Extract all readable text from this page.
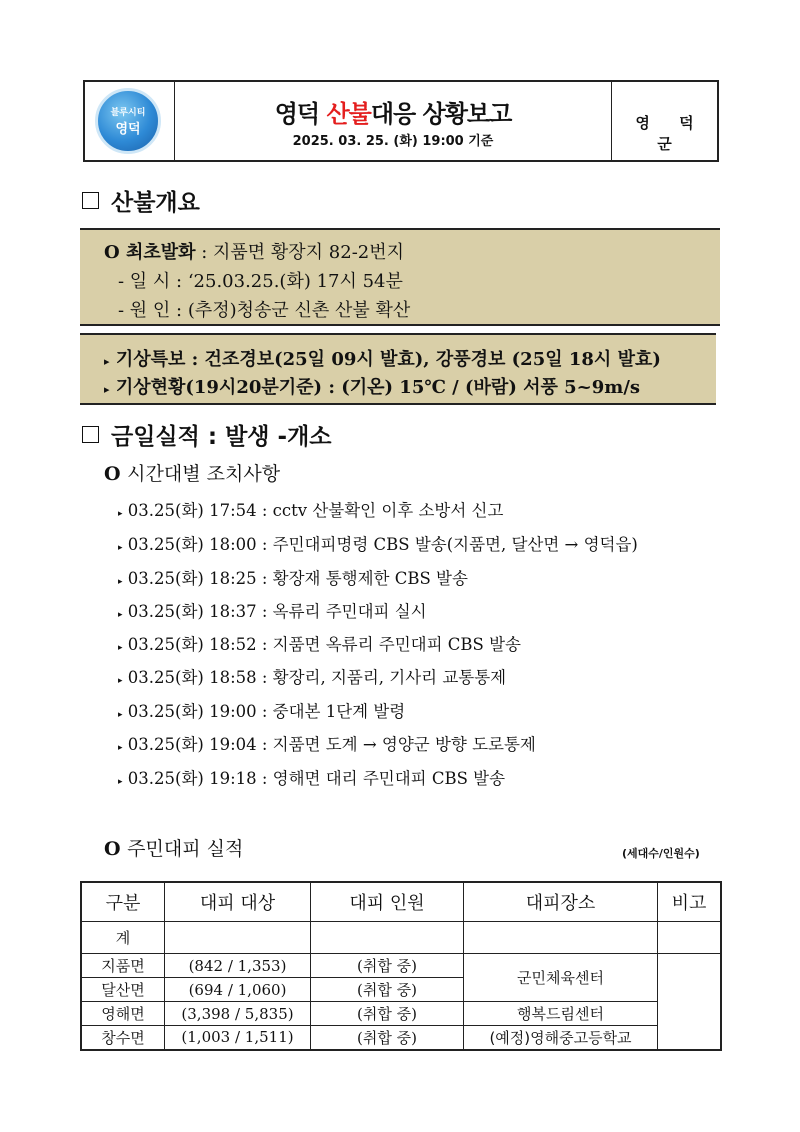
블루시티
영덕
영덕 산불대응 상황보고
2025. 03. 25. (화) 19:00 기준
영 덕 군
산불개요
O 최초발화 : 지품면 황장지 82-2번지
- 일 시 : ‘25.03.25.(화) 17시 54분
- 원 인 : (추정)청송군 신촌 산불 확산
▸ 기상특보 : 건조경보(25일 09시 발효), 강풍경보 (25일 18시 발효)
▸ 기상현황(19시20분기준) : (기온) 15℃ / (바람) 서풍 5~9m/s
금일실적 : 발생 -개소
O 시간대별 조치사항
▸ 03.25(화) 17:54 : cctv 산불확인 이후 소방서 신고
▸ 03.25(화) 18:00 : 주민대피명령 CBS 발송(지품면, 달산면 → 영덕읍)
▸ 03.25(화) 18:25 : 황장재 통행제한 CBS 발송
▸ 03.25(화) 18:37 : 옥류리 주민대피 실시
▸ 03.25(화) 18:52 : 지품면 옥류리 주민대피 CBS 발송
▸ 03.25(화) 18:58 : 황장리, 지품리, 기사리 교통통제
▸ 03.25(화) 19:00 : 중대본 1단계 발령
▸ 03.25(화) 19:04 : 지품면 도계 → 영양군 방향 도로통제
▸ 03.25(화) 19:18 : 영해면 대리 주민대피 CBS 발송
O 주민대피 실적	(세대수/인원수)
구분	대피 대상	대피 인원	대피장소	비고
계				
지품면	(842 / 1,353)	(취합 중)	군민체육센터	
달산면	(694 / 1,060)	(취합 중)		
영해면	(3,398 / 5,835)	(취합 중)	행복드림센터	
창수면	(1,003 / 1,511)	(취합 중)	(예정)영해중고등학교	
